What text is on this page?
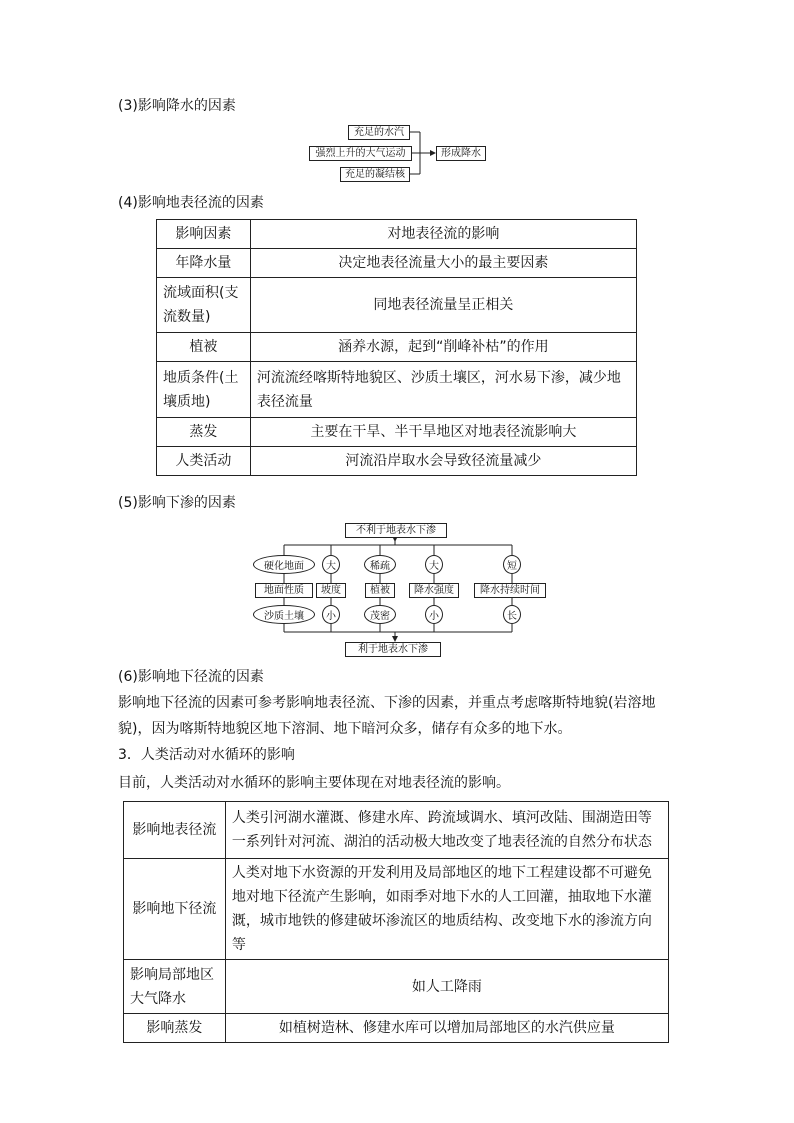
(3)影响降水的因素
充足的水汽
强烈上升的大气运动
充足的凝结核
形成降水
(4)影响地表径流的因素
影响因素	对地表径流的影响
年降水量	决定地表径流量大小的最主要因素
流域面积(支流数量)	同地表径流量呈正相关
植被	涵养水源，起到“削峰补枯”的作用
地质条件(土壤质地)	河流流经喀斯特地貌区、沙质土壤区，河水易下渗，减少地表径流量
蒸发	主要在干旱、半干旱地区对地表径流影响大
人类活动	河流沿岸取水会导致径流量减少
(5)影响下渗的因素
不利于地表水下渗
硬化地面	大	稀疏	大	短
地面性质	坡度	植被	降水强度	降水持续时间
沙质土壤	小	茂密	小	长
利于地表水下渗
(6)影响地下径流的因素
影响地下径流的因素可参考影响地表径流、下渗的因素，并重点考虑喀斯特地貌(岩溶地貌)，因为喀斯特地貌区地下溶洞、地下暗河众多，储存有众多的地下水。
3．人类活动对水循环的影响
目前，人类活动对水循环的影响主要体现在对地表径流的影响。
影响地表径流	人类引河湖水灌溉、修建水库、跨流域调水、填河改陆、围湖造田等一系列针对河流、湖泊的活动极大地改变了地表径流的自然分布状态
影响地下径流	人类对地下水资源的开发利用及局部地区的地下工程建设都不可避免地对地下径流产生影响，如雨季对地下水的人工回灌，抽取地下水灌溉，城市地铁的修建破坏渗流区的地质结构、改变地下水的渗流方向等
影响局部地区大气降水	如人工降雨
影响蒸发	如植树造林、修建水库可以增加局部地区的水汽供应量
